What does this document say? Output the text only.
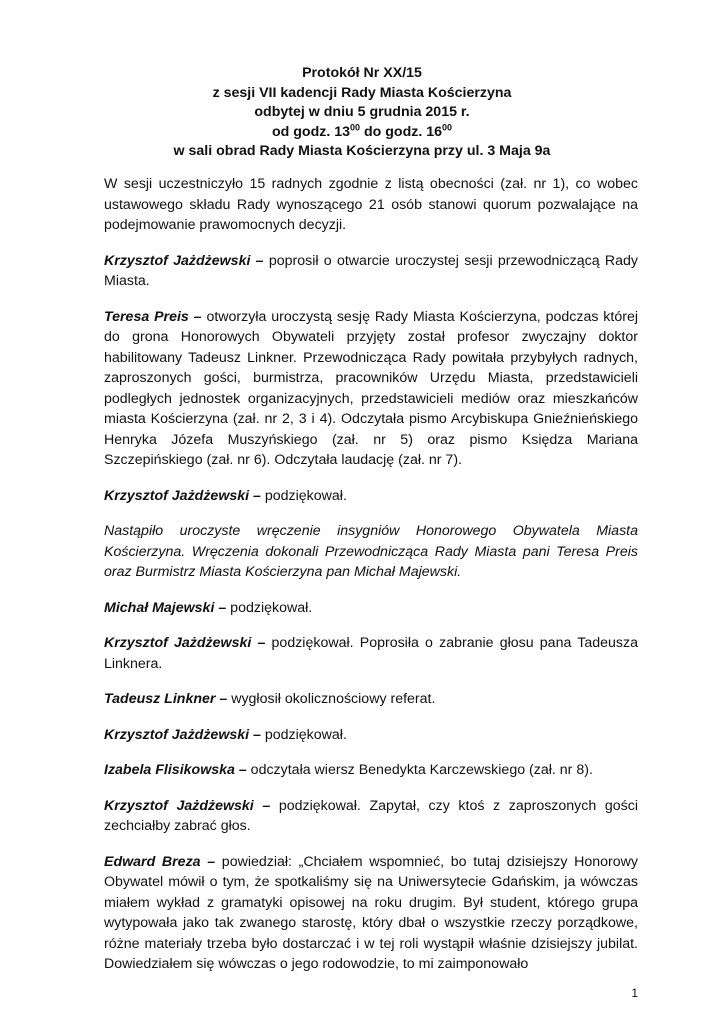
Protokół Nr XX/15
z sesji VII kadencji Rady Miasta Kościerzyna
odbytej w dniu 5 grudnia 2015 r.
od godz. $13^{00}$ do godz. $16^{00}$
w sali obrad Rady Miasta Kościerzyna przy ul. 3 Maja 9a

W sesji uczestniczyło 15 radnych zgodnie z listą obecności (zał. nr 1), co wobec ustawowego składu Rady wynoszącego 21 osób stanowi quorum pozwalające na podejmowanie prawomocnych decyzji.

Krzysztof Jażdżewski – poprosił o otwarcie uroczystej sesji przewodniczącą Rady Miasta.

Teresa Preis – otworzyła uroczystą sesję Rady Miasta Kościerzyna, podczas której do grona Honorowych Obywateli przyjęty został profesor zwyczajny doktor habilitowany Tadeusz Linkner. Przewodnicząca Rady powitała przybyłych radnych, zaproszonych gości, burmistrza, pracowników Urzędu Miasta, przedstawicieli podległych jednostek organizacyjnych, przedstawicieli mediów oraz mieszkańców miasta Kościerzyna (zał. nr 2, 3 i 4). Odczytała pismo Arcybiskupa Gnieźnieńskiego Henryka Józefa Muszyńskiego (zał. nr 5) oraz pismo Księdza Mariana Szczepińskiego (zał. nr 6). Odczytała laudację (zał. nr 7).

Krzysztof Jażdżewski – podziękował.

Nastąpiło uroczyste wręczenie insygniów Honorowego Obywatela Miasta Kościerzyna. Wręczenia dokonali Przewodnicząca Rady Miasta pani Teresa Preis oraz Burmistrz Miasta Kościerzyna pan Michał Majewski.

Michał Majewski – podziękował.

Krzysztof Jażdżewski – podziękował. Poprosiła o zabranie głosu pana Tadeusza Linknera.

Tadeusz Linkner – wygłosił okolicznościowy referat.

Krzysztof Jażdżewski – podziękował.

Izabela Flisikowska – odczytała wiersz Benedykta Karczewskiego (zał. nr 8).

Krzysztof Jażdżewski – podziękował. Zapytał, czy ktoś z zaproszonych gości zechciałby zabrać głos.

Edward Breza – powiedział: „Chciałem wspomnieć, bo tutaj dzisiejszy Honorowy Obywatel mówił o tym, że spotkaliśmy się na Uniwersytecie Gdańskim, ja wówczas miałem wykład z gramatyki opisowej na roku drugim. Był student, którego grupa wytypowała jako tak zwanego starostę, który dbał o wszystkie rzeczy porządkowe, różne materiały trzeba było dostarczać i w tej roli wystąpił właśnie dzisiejszy jubilat. Dowiedziałem się wówczas o jego rodowodzie, to mi zaimponowało

1
